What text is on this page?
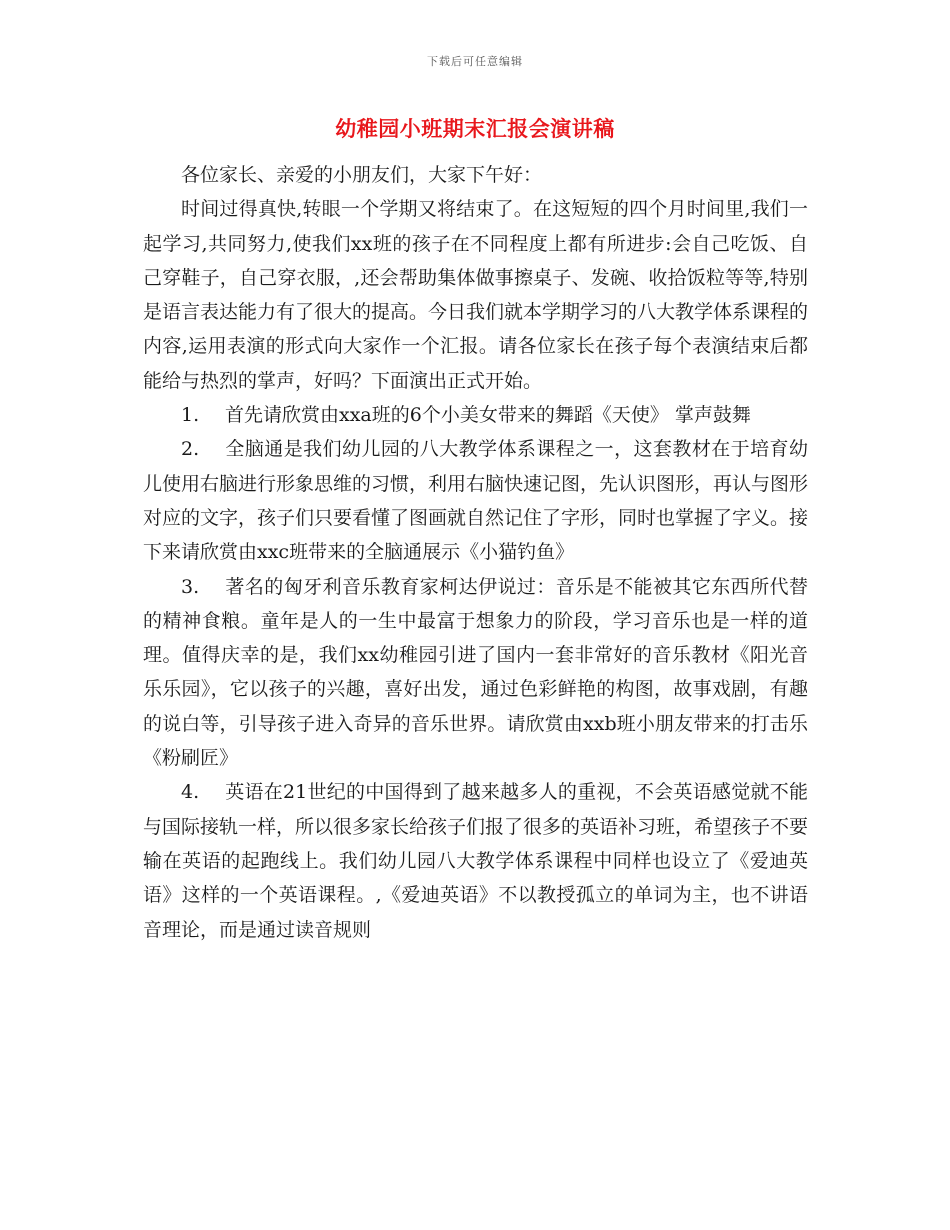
下载后可任意编辑
幼稚园小班期末汇报会演讲稿

各位家长、亲爱的小朋友们，大家下午好：

时间过得真快,转眼一个学期又将结束了。在这短短的四个月时间里,我们一起学习,共同努力,使我们xx班的孩子在不同程度上都有所进步:会自己吃饭、自己穿鞋子，自己穿衣服，,还会帮助集体做事擦桌子、发碗、收拾饭粒等等,特别是语言表达能力有了很大的提高。今日我们就本学期学习的八大教学体系课程的内容,运用表演的形式向大家作一个汇报。请各位家长在孩子每个表演结束后都能给与热烈的掌声，好吗？下面演出正式开始。

1. 首先请欣赏由xxa班的6个小美女带来的舞蹈《天使》 掌声鼓舞

2. 全脑通是我们幼儿园的八大教学体系课程之一，这套教材在于培育幼儿使用右脑进行形象思维的习惯，利用右脑快速记图，先认识图形，再认与图形对应的文字，孩子们只要看懂了图画就自然记住了字形，同时也掌握了字义。接下来请欣赏由xxc班带来的全脑通展示《小猫钓鱼》

3. 著名的匈牙利音乐教育家柯达伊说过：音乐是不能被其它东西所代替的精神食粮。童年是人的一生中最富于想象力的阶段，学习音乐也是一样的道理。值得庆幸的是，我们xx幼稚园引进了国内一套非常好的音乐教材《阳光音乐乐园》，它以孩子的兴趣，喜好出发，通过色彩鲜艳的构图，故事戏剧，有趣的说白等，引导孩子进入奇异的音乐世界。请欣赏由xxb班小朋友带来的打击乐《粉刷匠》

4. 英语在21世纪的中国得到了越来越多人的重视，不会英语感觉就不能与国际接轨一样，所以很多家长给孩子们报了很多的英语补习班，希望孩子不要输在英语的起跑线上。我们幼儿园八大教学体系课程中同样也设立了《爱迪英语》这样的一个英语课程。,《爱迪英语》不以教授孤立的单词为主，也不讲语音理论，而是通过读音规则
